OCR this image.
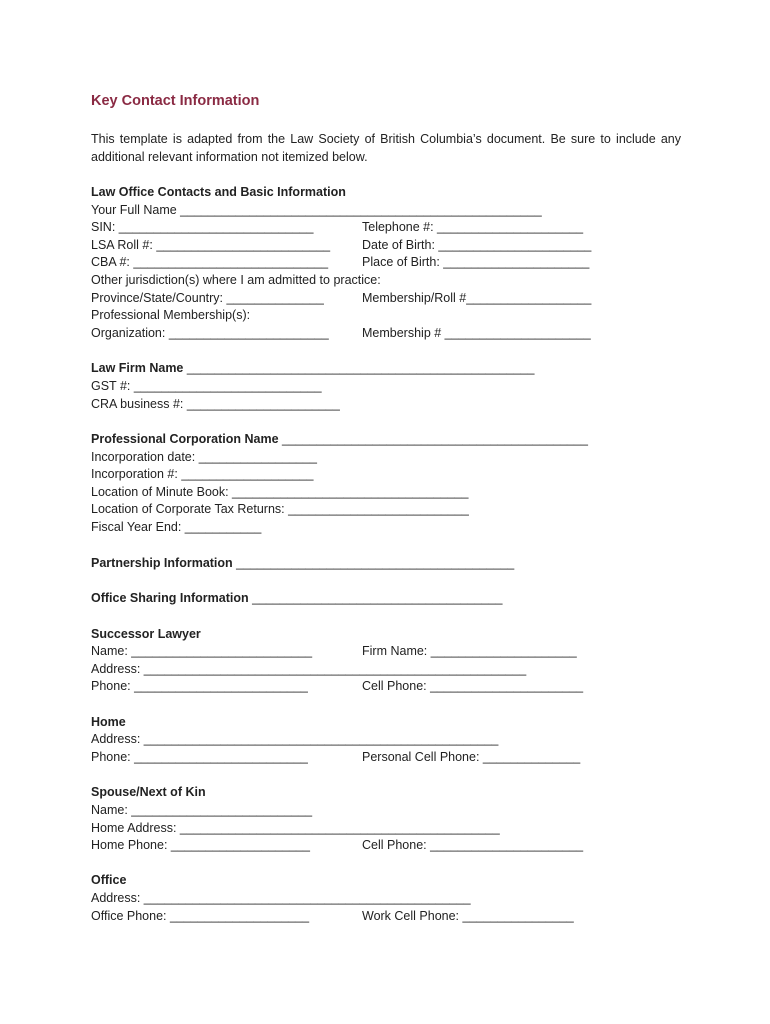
Key Contact Information
This template is adapted from the Law Society of British Columbia’s document. Be sure to include any additional relevant information not itemized below.
Law Office Contacts and Basic Information
Your Full Name ____________________________________________________
SIN: ____________________________	Telephone #: _____________________
LSA Roll #: _________________________	Date of Birth: ______________________
CBA #: ____________________________	Place of Birth: _____________________
Other jurisdiction(s) where I am admitted to practice:
Province/State/Country: ______________	Membership/Roll #__________________
Professional Membership(s):
Organization: _______________________	Membership # _____________________
Law Firm Name __________________________________________________
GST #: ___________________________
CRA business #: ______________________
Professional Corporation Name ____________________________________________
Incorporation date: _________________
Incorporation #: ___________________
Location of Minute Book: __________________________________
Location of Corporate Tax Returns: __________________________
Fiscal Year End: ___________
Partnership Information ________________________________________
Office Sharing Information ____________________________________
Successor Lawyer
Name: __________________________	Firm Name: _____________________
Address: _______________________________________________________
Phone: _________________________	Cell Phone: ______________________
Home
Address: ___________________________________________________
Phone: _________________________	Personal Cell Phone: ______________
Spouse/Next of Kin
Name: __________________________
Home Address: ______________________________________________
Home Phone: ____________________	Cell Phone: ______________________
Office
Address: _______________________________________________
Office Phone: ____________________	Work Cell Phone: ________________
